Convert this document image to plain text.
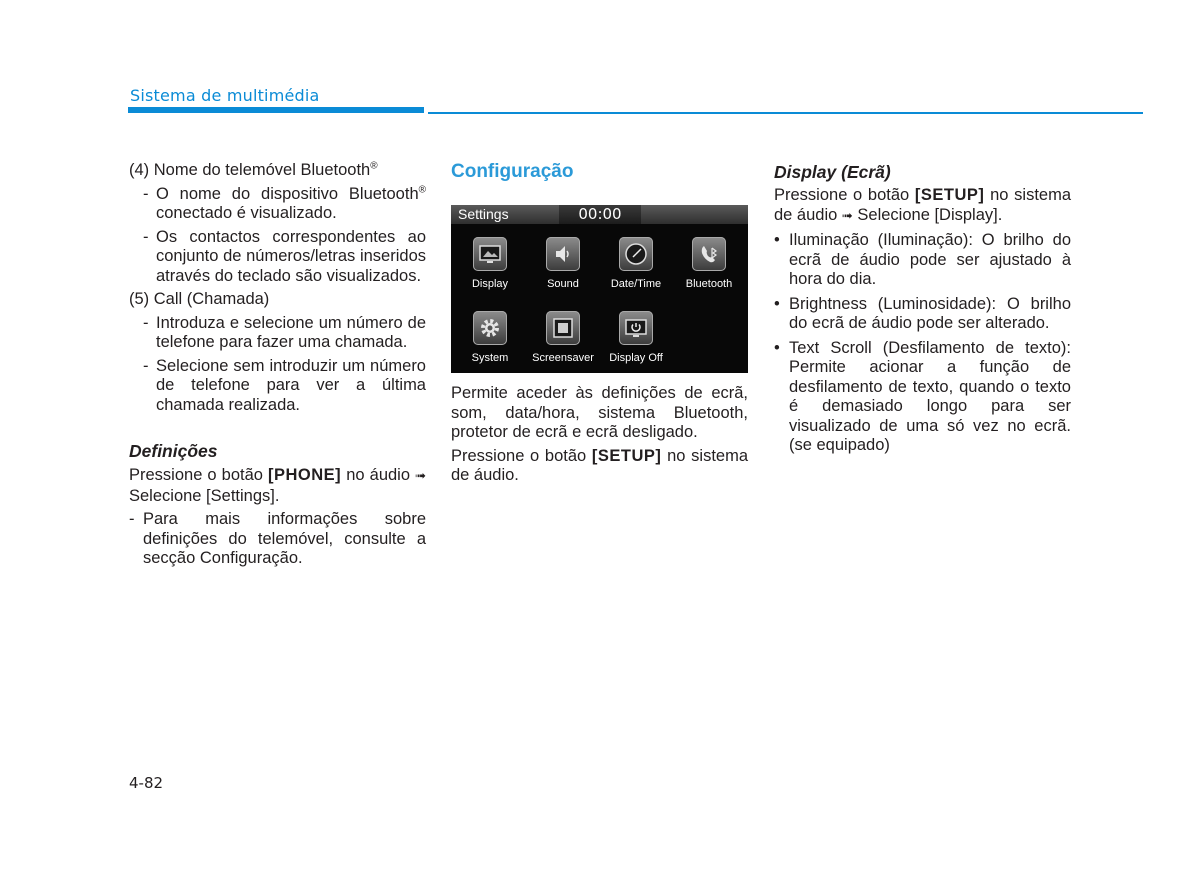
Sistema de multimédia

(4) Nome do telemóvel Bluetooth®

- O nome do dispositivo Bluetooth® conectado é visualizado.
- Os contactos correspondentes ao conjunto de números/letras inseridos através do teclado são visualizados.

(5) Call (Chamada)

- Introduza e selecione um número de telefone para fazer uma chamada.
- Selecione sem introduzir um número de telefone para ver a última chamada realizada.

Definições

Pressione o botão [PHONE] no áudio ➟ Selecione [Settings].

- Para mais informações sobre definições do telemóvel, consulte a secção Configuração.

Configuração

Settings	00:00
Display	Sound	Date/Time	Bluetooth
System	Screensaver	Display Off

Permite aceder às definições de ecrã, som, data/hora, sistema Bluetooth, protetor de ecrã e ecrã desligado.

Pressione o botão [SETUP] no sistema de áudio.

Display (Ecrã)

Pressione o botão [SETUP] no sistema de áudio ➟ Selecione [Display].

• Iluminação (Iluminação): O brilho do ecrã de áudio pode ser ajustado à hora do dia.
• Brightness (Luminosidade): O brilho do ecrã de áudio pode ser alterado.
• Text Scroll (Desfilamento de texto): Permite acionar a função de desfilamento de texto, quando o texto é demasiado longo para ser visualizado de uma só vez no ecrã. (se equipado)
4-82
